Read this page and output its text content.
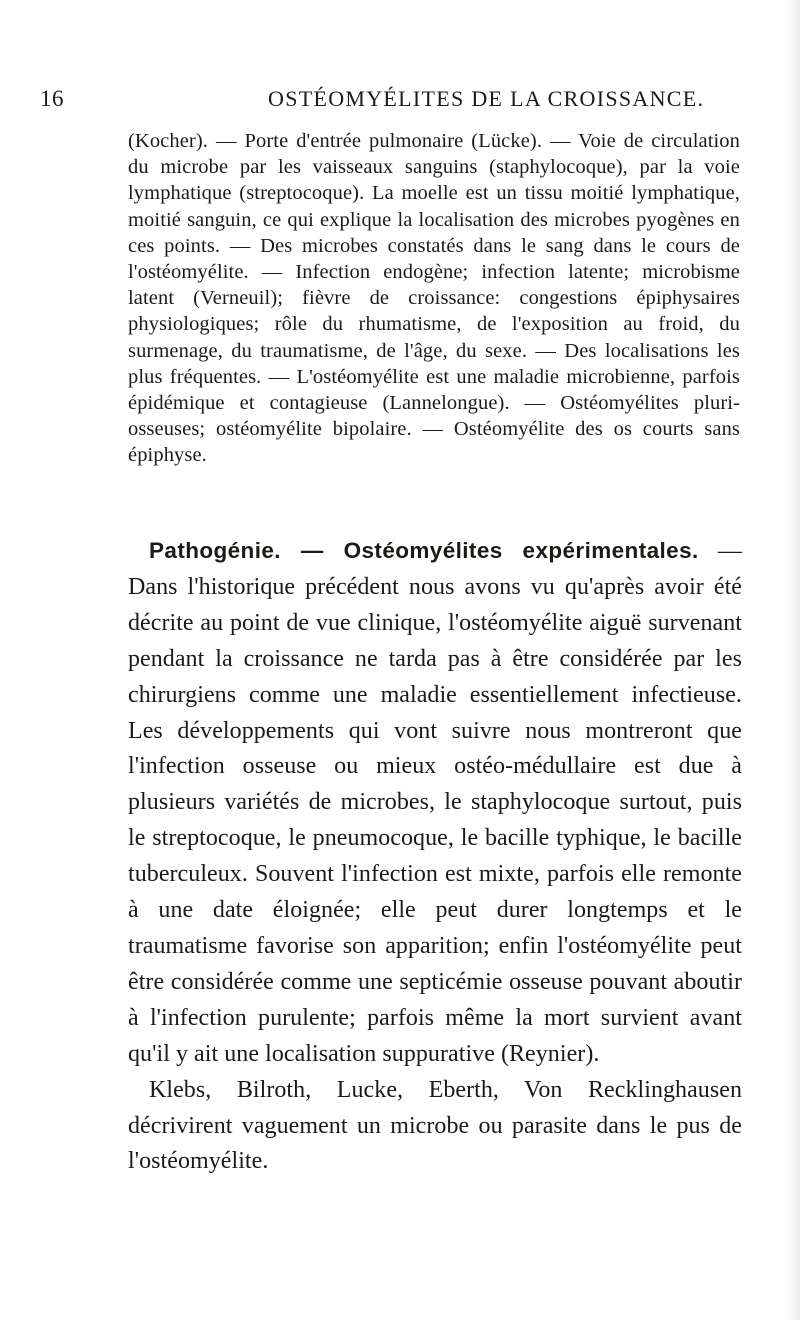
16	OSTÉOMYÉLITES DE LA CROISSANCE.

(Kocher). — Porte d'entrée pulmonaire (Lücke). — Voie de circulation du microbe par les vaisseaux sanguins (staphylocoque), par la voie lymphatique (streptocoque). La moelle est un tissu moitié lymphatique, moitié sanguin, ce qui explique la localisation des microbes pyogènes en ces points. — Des microbes constatés dans le sang dans le cours de l'ostéomyélite. — Infection endogène; infection latente; microbisme latent (Verneuil); fièvre de croissance: congestions épiphysaires physiologiques; rôle du rhumatisme, de l'exposition au froid, du surmenage, du traumatisme, de l'âge, du sexe. — Des localisations les plus fréquentes. — L'ostéomyélite est une maladie microbienne, parfois épidémique et contagieuse (Lannelongue). — Ostéomyélites pluri-osseuses; ostéomyélite bipolaire. — Ostéomyélite des os courts sans épiphyse.

Pathogénie. — Ostéomyélites expérimentales. — Dans l'historique précédent nous avons vu qu'après avoir été décrite au point de vue clinique, l'ostéomyélite aiguë survenant pendant la croissance ne tarda pas à être considérée par les chirurgiens comme une maladie essentiellement infectieuse. Les développements qui vont suivre nous montreront que l'infection osseuse ou mieux ostéo-médullaire est due à plusieurs variétés de microbes, le staphylocoque surtout, puis le streptocoque, le pneumocoque, le bacille typhique, le bacille tuberculeux. Souvent l'infection est mixte, parfois elle remonte à une date éloignée; elle peut durer longtemps et le traumatisme favorise son apparition; enfin l'ostéomyélite peut être considérée comme une septicémie osseuse pouvant aboutir à l'infection purulente; parfois même la mort survient avant qu'il y ait une localisation suppurative (Reynier).

Klebs, Bilroth, Lucke, Eberth, Von Recklinghausen décrivirent vaguement un microbe ou parasite dans le pus de l'ostéomyélite.
